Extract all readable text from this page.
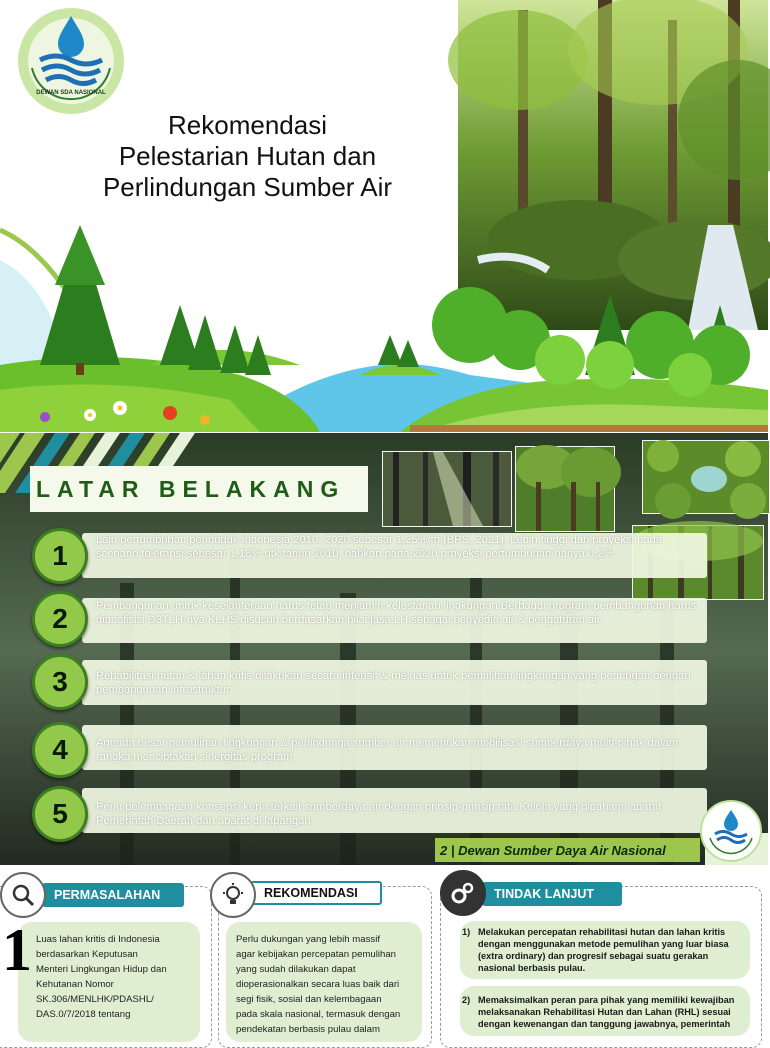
DEWAN SDA NASIONAL
Rekomendasi
Pelestarian Hutan dan
Perlindungan Sumber Air
LATAR BELAKANG
Laju pertumbuhan penduduk Indonesia 2010- 2020 sebesar 1,25%/th (BPS, 2021). Lebih tinggi dari proyeksi pada scenario toleransi sebesar 1,18% utk tahun 2010, bahkan pada 2020 proyeksi pertumbuhan hanya 0,2%
1
Pembangunan untuk kesejahteraan harus tetap menjamin kelestarian lingkungan Berbagai program pembangunan harus dianalisisi D3TLH-nya KLHS disusun berdasarkan nilai jasa LH sebagai penyedia air & pengaturan air
2
Rehabilitasi hutan & lahan kritis dilakukan secara intensif & meluas untuk pemulihan lingkungan yang beriringan dengan pembangunan infrastruktur
3
Agenda besar pemulihan lingkungan & perlindunga sumber air memerlukan mobilisasi sumberdaya multi-pihak dalam rangka menciptakan sinergitas program
4
Perlu pelembagaan konsepsi kerja terkait sumberdaya air dengan prinsip-prinsip tata Kelola yang dipahami aparat Pemerintah Daerah dan aparat di lapangan
5
2 | Dewan Sumber Daya Air Nasional
PERMASALAHAN	REKOMENDASI	TINDAK LANJUT
1 Luas lahan kritis di Indonesia
berdasarkan Keputusan
Menteri Lingkungan Hidup dan
Kehutanan Nomor
SK.306/MENLHK/PDASHL/
DAS.0/7/2018 tentang
Perlu dukungan yang lebih massif
agar kebijakan percepatan pemulihan
yang sudah dilakukan dapat
dioperasionalkan secara luas baik dari
segi fisik, sosial dan kelembagaan
pada skala nasional, termasuk dengan
pendekatan berbasis pulau dalam
1) Melakukan percepatan rehabilitasi hutan dan lahan kritis
dengan menggunakan metode pemulihan yang luar biasa
(extra ordinary) dan progresif sebagai suatu gerakan
nasional berbasis pulau.
2) Memaksimalkan peran para pihak yang memiliki kewajiban
melaksanakan Rehabilitasi Hutan dan Lahan (RHL) sesuai
dengan kewenangan dan tanggung jawabnya, pemerintah
